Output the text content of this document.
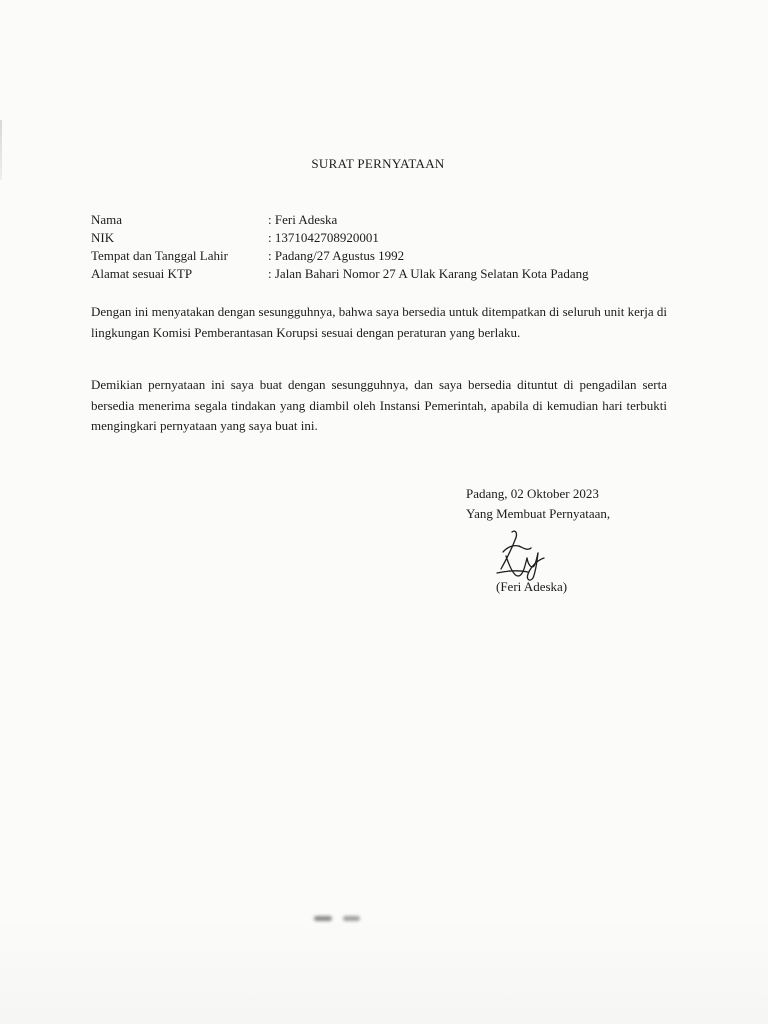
SURAT PERNYATAAN
Nama	: Feri Adeska
NIK	: 1371042708920001
Tempat dan Tanggal Lahir	: Padang/27 Agustus 1992
Alamat sesuai KTP	: Jalan Bahari Nomor 27 A Ulak Karang Selatan Kota Padang
Dengan ini menyatakan dengan sesungguhnya, bahwa saya bersedia untuk ditempatkan di seluruh unit kerja di lingkungan Komisi Pemberantasan Korupsi sesuai dengan peraturan yang berlaku.
Demikian pernyataan ini saya buat dengan sesungguhnya, dan saya bersedia dituntut di pengadilan serta bersedia menerima segala tindakan yang diambil oleh Instansi Pemerintah, apabila di kemudian hari terbukti mengingkari pernyataan yang saya buat ini.
Padang, 02 Oktober 2023
Yang Membuat Pernyataan,
(Feri Adeska)
